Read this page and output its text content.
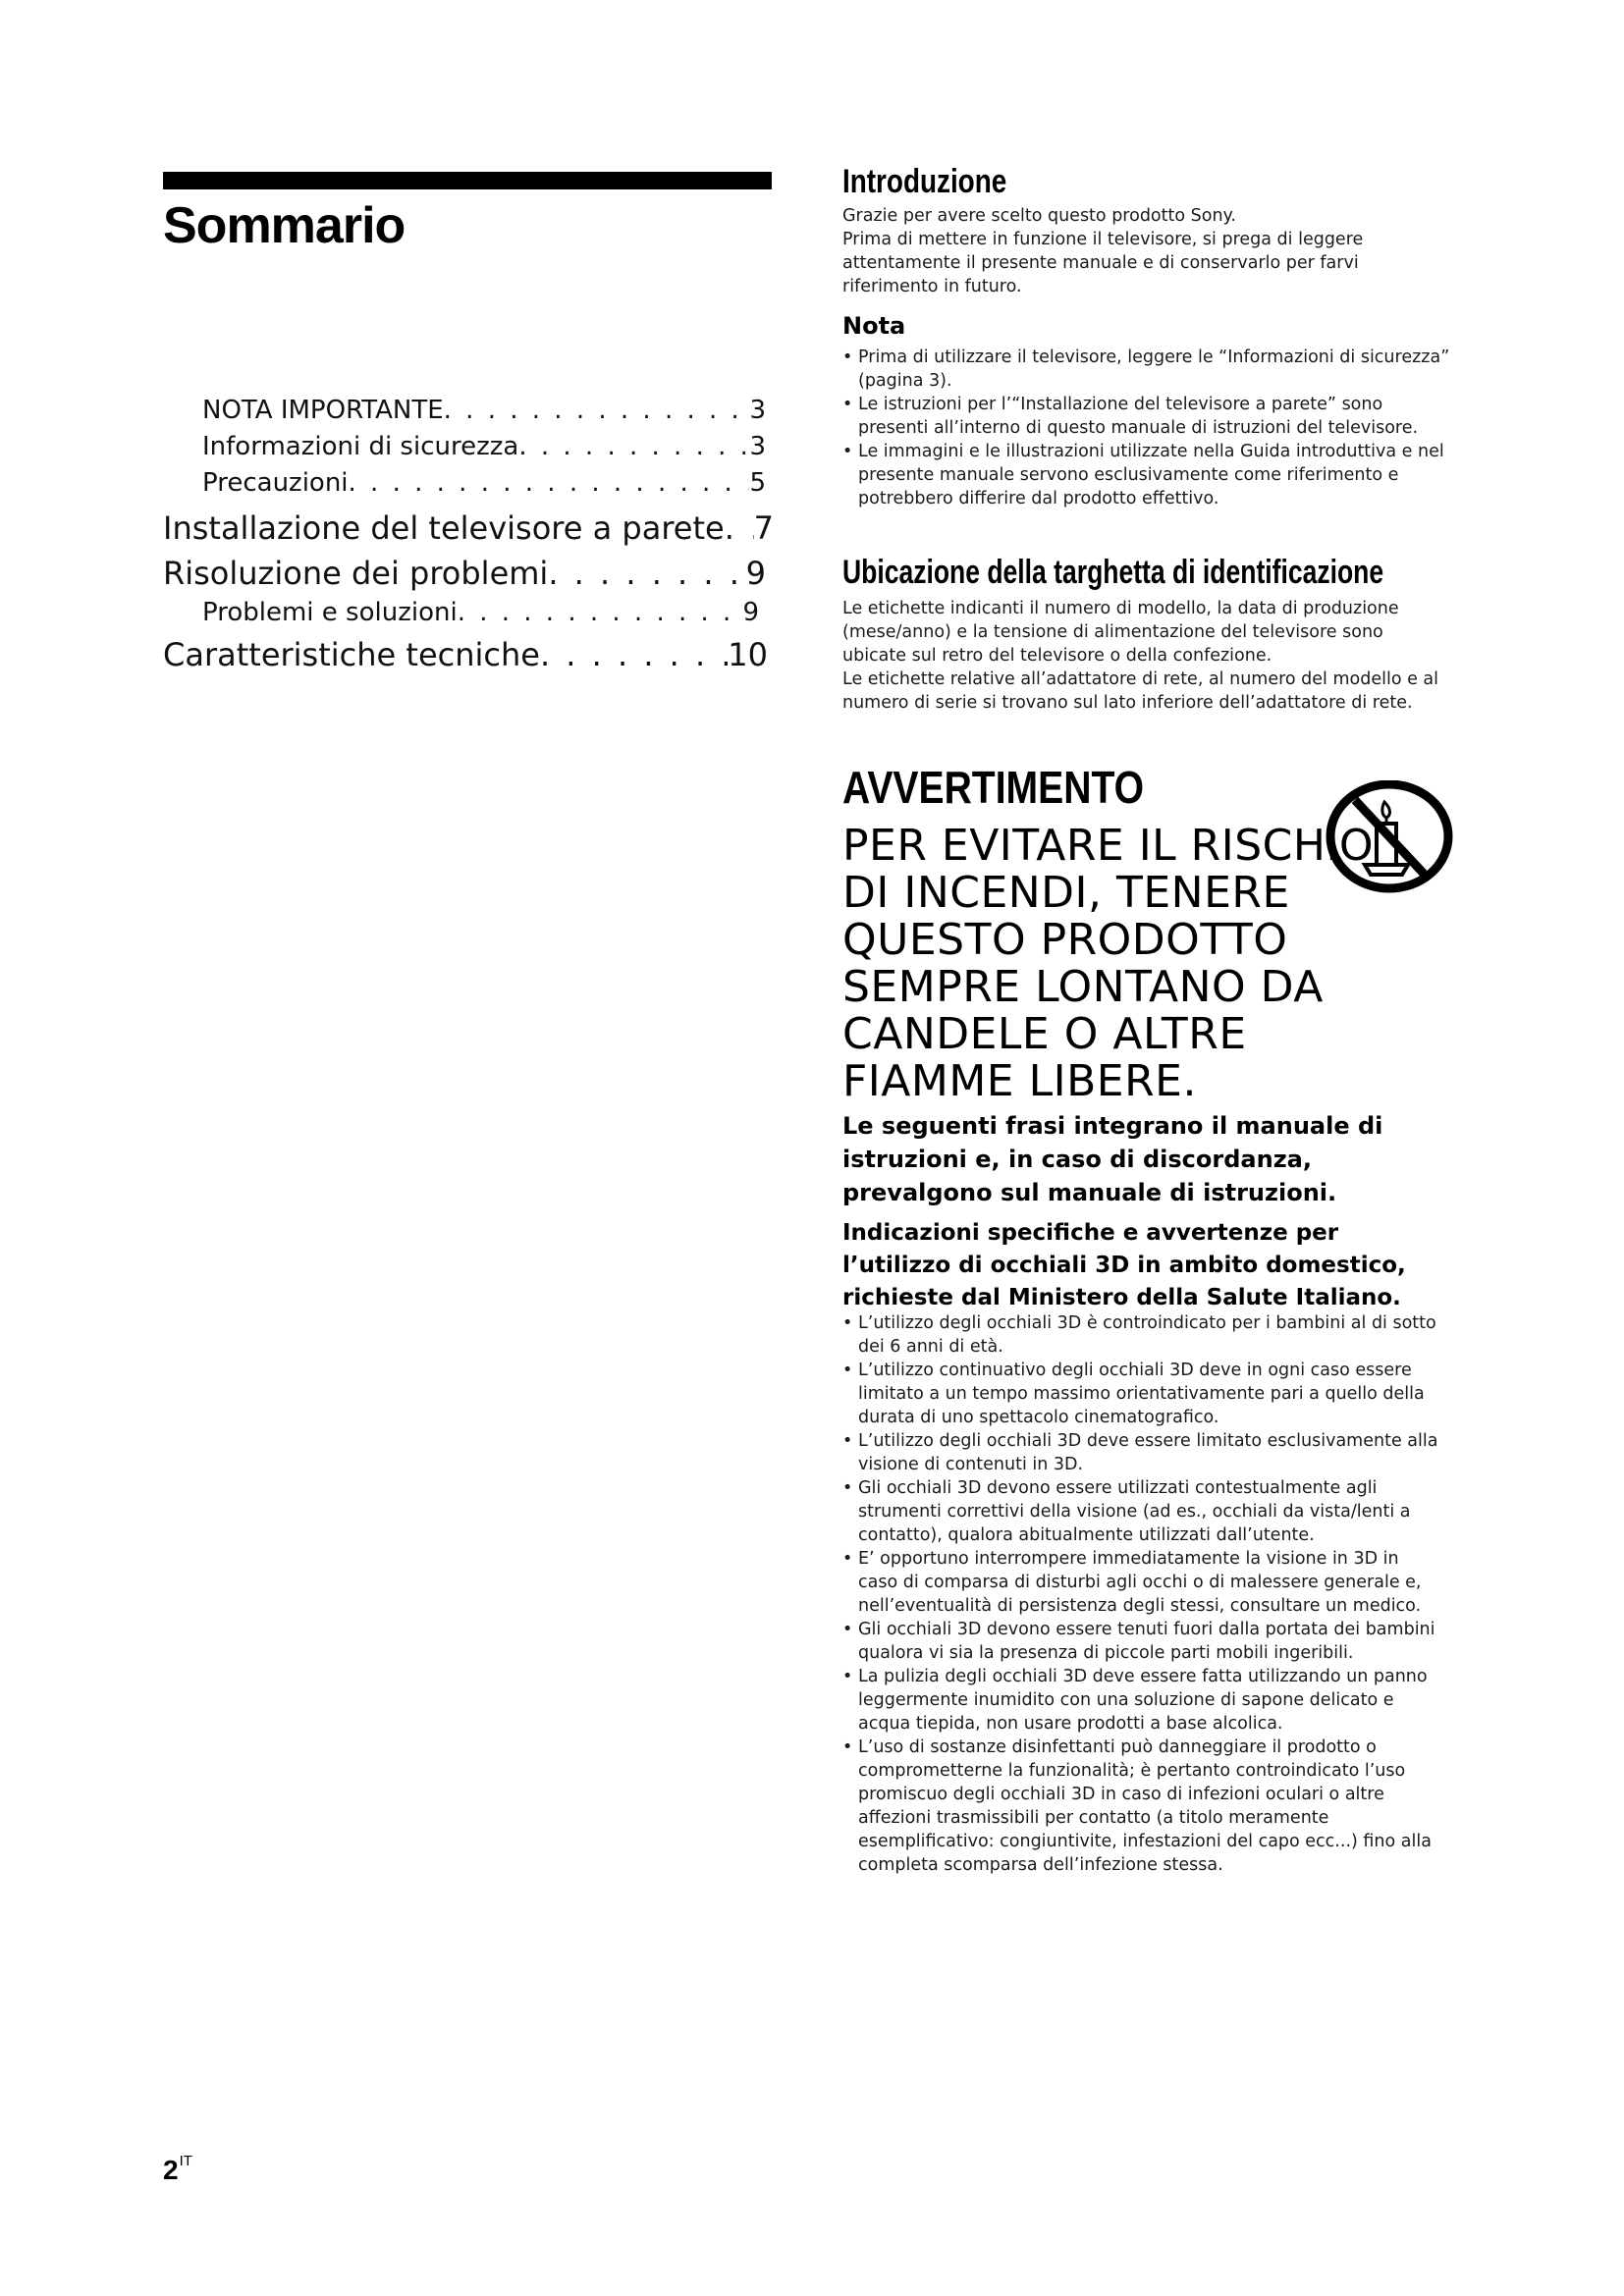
Sommario
NOTA IMPORTANTE . . .	3
Informazioni di sicurezza . . .	3
Precauzioni . . .	5
Installazione del televisore a parete . . . 7
Risoluzione dei problemi . . .	9
Problemi e soluzioni . . .	9
Caratteristiche tecniche . . .	10
Introduzione

Grazie per avere scelto questo prodotto Sony.

Prima di mettere in funzione il televisore, si prega di leggere attentamente il presente manuale e di conservarlo per farvi riferimento in futuro.

Nota
• Prima di utilizzare il televisore, leggere le “Informazioni di sicurezza” (pagina 3).
• Le istruzioni per l’“Installazione del televisore a parete” sono presenti all’interno di questo manuale di istruzioni del televisore.
• Le immagini e le illustrazioni utilizzate nella Guida introduttiva e nel presente manuale servono esclusivamente come riferimento e potrebbero differire dal prodotto effettivo.
Ubicazione della targhetta di identificazione

Le etichette indicanti il numero di modello, la data di produzione (mese/anno) e la tensione di alimentazione del televisore sono ubicate sul retro del televisore o della confezione.

Le etichette relative all’adattatore di rete, al numero del modello e al numero di serie si trovano sul lato inferiore dell’adattatore di rete.

AVVERTIMENTO
PER EVITARE IL RISCHIO DI INCENDI, TENERE QUESTO PRODOTTO SEMPRE LONTANO DA CANDELE O ALTRE FIAMME LIBERE.
Le seguenti frasi integrano il manuale di istruzioni e, in caso di discordanza, prevalgono sul manuale di istruzioni.
Indicazioni specifiche e avvertenze per l’utilizzo di occhiali 3D in ambito domestico, richieste dal Ministero della Salute Italiano.
• L’utilizzo degli occhiali 3D è controindicato per i bambini al di sotto dei 6 anni di età.
• L’utilizzo continuativo degli occhiali 3D deve in ogni caso essere limitato a un tempo massimo orientativamente pari a quello della durata di uno spettacolo cinematografico.
• L’utilizzo degli occhiali 3D deve essere limitato esclusivamente alla visione di contenuti in 3D.
• Gli occhiali 3D devono essere utilizzati contestualmente agli strumenti correttivi della visione (ad es., occhiali da vista/lenti a contatto), qualora abitualmente utilizzati dall’utente.
• E’ opportuno interrompere immediatamente la visione in 3D in caso di comparsa di disturbi agli occhi o di malessere generale e, nell’eventualità di persistenza degli stessi, consultare un medico.
• Gli occhiali 3D devono essere tenuti fuori dalla portata dei bambini qualora vi sia la presenza di piccole parti mobili ingeribili.
• La pulizia degli occhiali 3D deve essere fatta utilizzando un panno leggermente inumidito con una soluzione di sapone delicato e acqua tiepida, non usare prodotti a base alcolica.
• L’uso di sostanze disinfettanti può danneggiare il prodotto o comprometterne la funzionalità; è pertanto controindicato l’uso promiscuo degli occhiali 3D in caso di infezioni oculari o altre affezioni trasmissibili per contatto (a titolo meramente esemplificativo: congiuntivite, infestazioni del capo ecc...) fino alla completa scomparsa dell’infezione stessa.
$2^{IT}$
